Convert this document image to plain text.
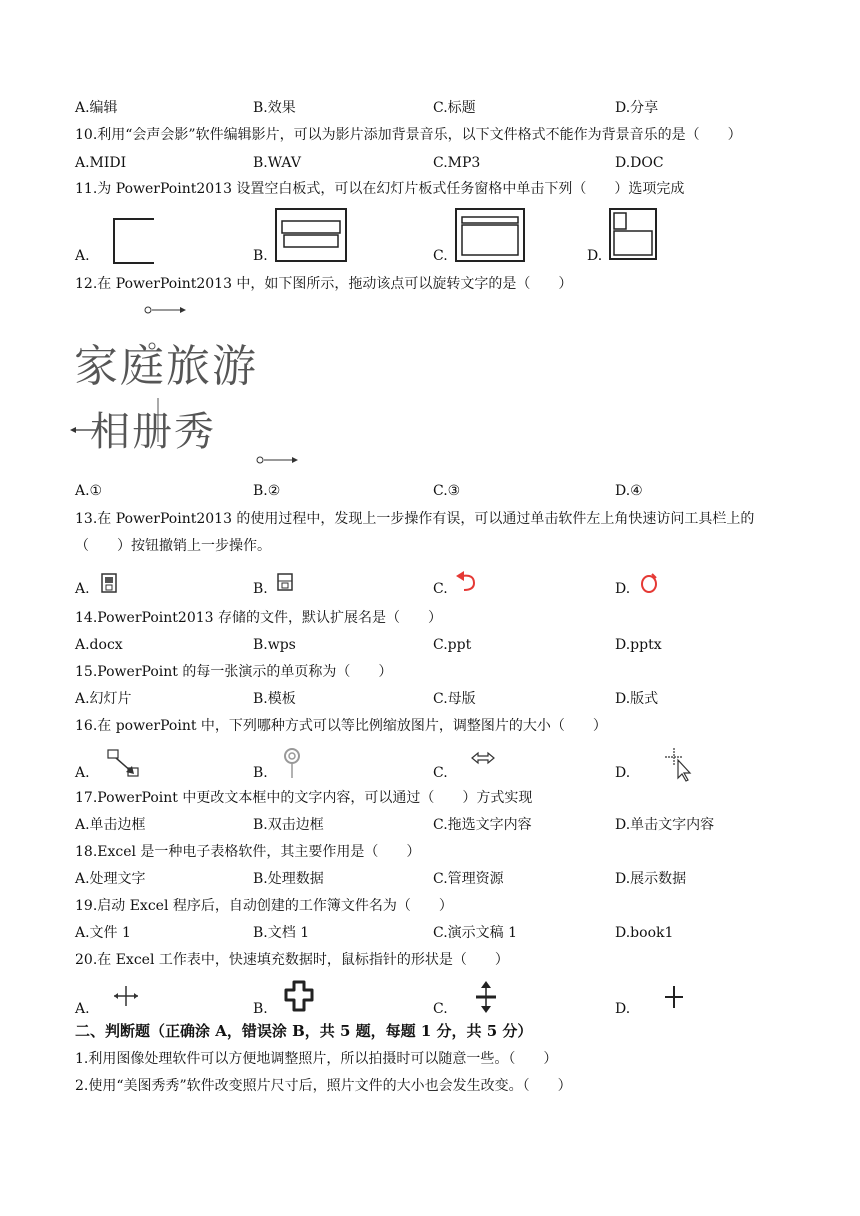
A.编辑	B.效果	C.标题	D.分享
10.利用“会声会影”软件编辑影片，可以为影片添加背景音乐，以下文件格式不能作为背景音乐的是（　　）
A.MIDI	B.WAV	C.MP3	D.DOC
11.为 PowerPoint2013 设置空白板式，可以在幻灯片板式任务窗格中单击下列（　　）选项完成
A.	B.	C.	D.
12.在 PowerPoint2013 中，如下图所示，拖动该点可以旋转文字的是（　　）
家庭旅游
相册秀
A.①	B.②	C.③	D.④
13.在 PowerPoint2013 的使用过程中，发现上一步操作有误，可以通过单击软件左上角快速访问工具栏上的
（　　）按钮撤销上一步操作。
A.	B.	C.	D.
14.PowerPoint2013 存储的文件，默认扩展名是（　　）
A.docx	B.wps	C.ppt	D.pptx
15.PowerPoint 的每一张演示的单页称为（　　）
A.幻灯片	B.模板	C.母版	D.版式
16.在 powerPoint 中，下列哪种方式可以等比例缩放图片，调整图片的大小（　　）
A.	B.	C.	D.
17.PowerPoint 中更改文本框中的文字内容，可以通过（　　）方式实现
A.单击边框	B.双击边框	C.拖选文字内容	D.单击文字内容
18.Excel 是一种电子表格软件，其主要作用是（　　）
A.处理文字	B.处理数据	C.管理资源	D.展示数据
19.启动 Excel 程序后，自动创建的工作簿文件名为（　　）
A.文件 1	B.文档 1	C.演示文稿 1	D.book1
20.在 Excel 工作表中，快速填充数据时，鼠标指针的形状是（　　）
A.	B.	C.	D.
二、判断题（正确涂 A，错误涂 B，共 5 题，每题 1 分，共 5 分）
1.利用图像处理软件可以方便地调整照片，所以拍摄时可以随意一些。（　　）
2.使用“美图秀秀”软件改变照片尺寸后，照片文件的大小也会发生改变。（　　）
